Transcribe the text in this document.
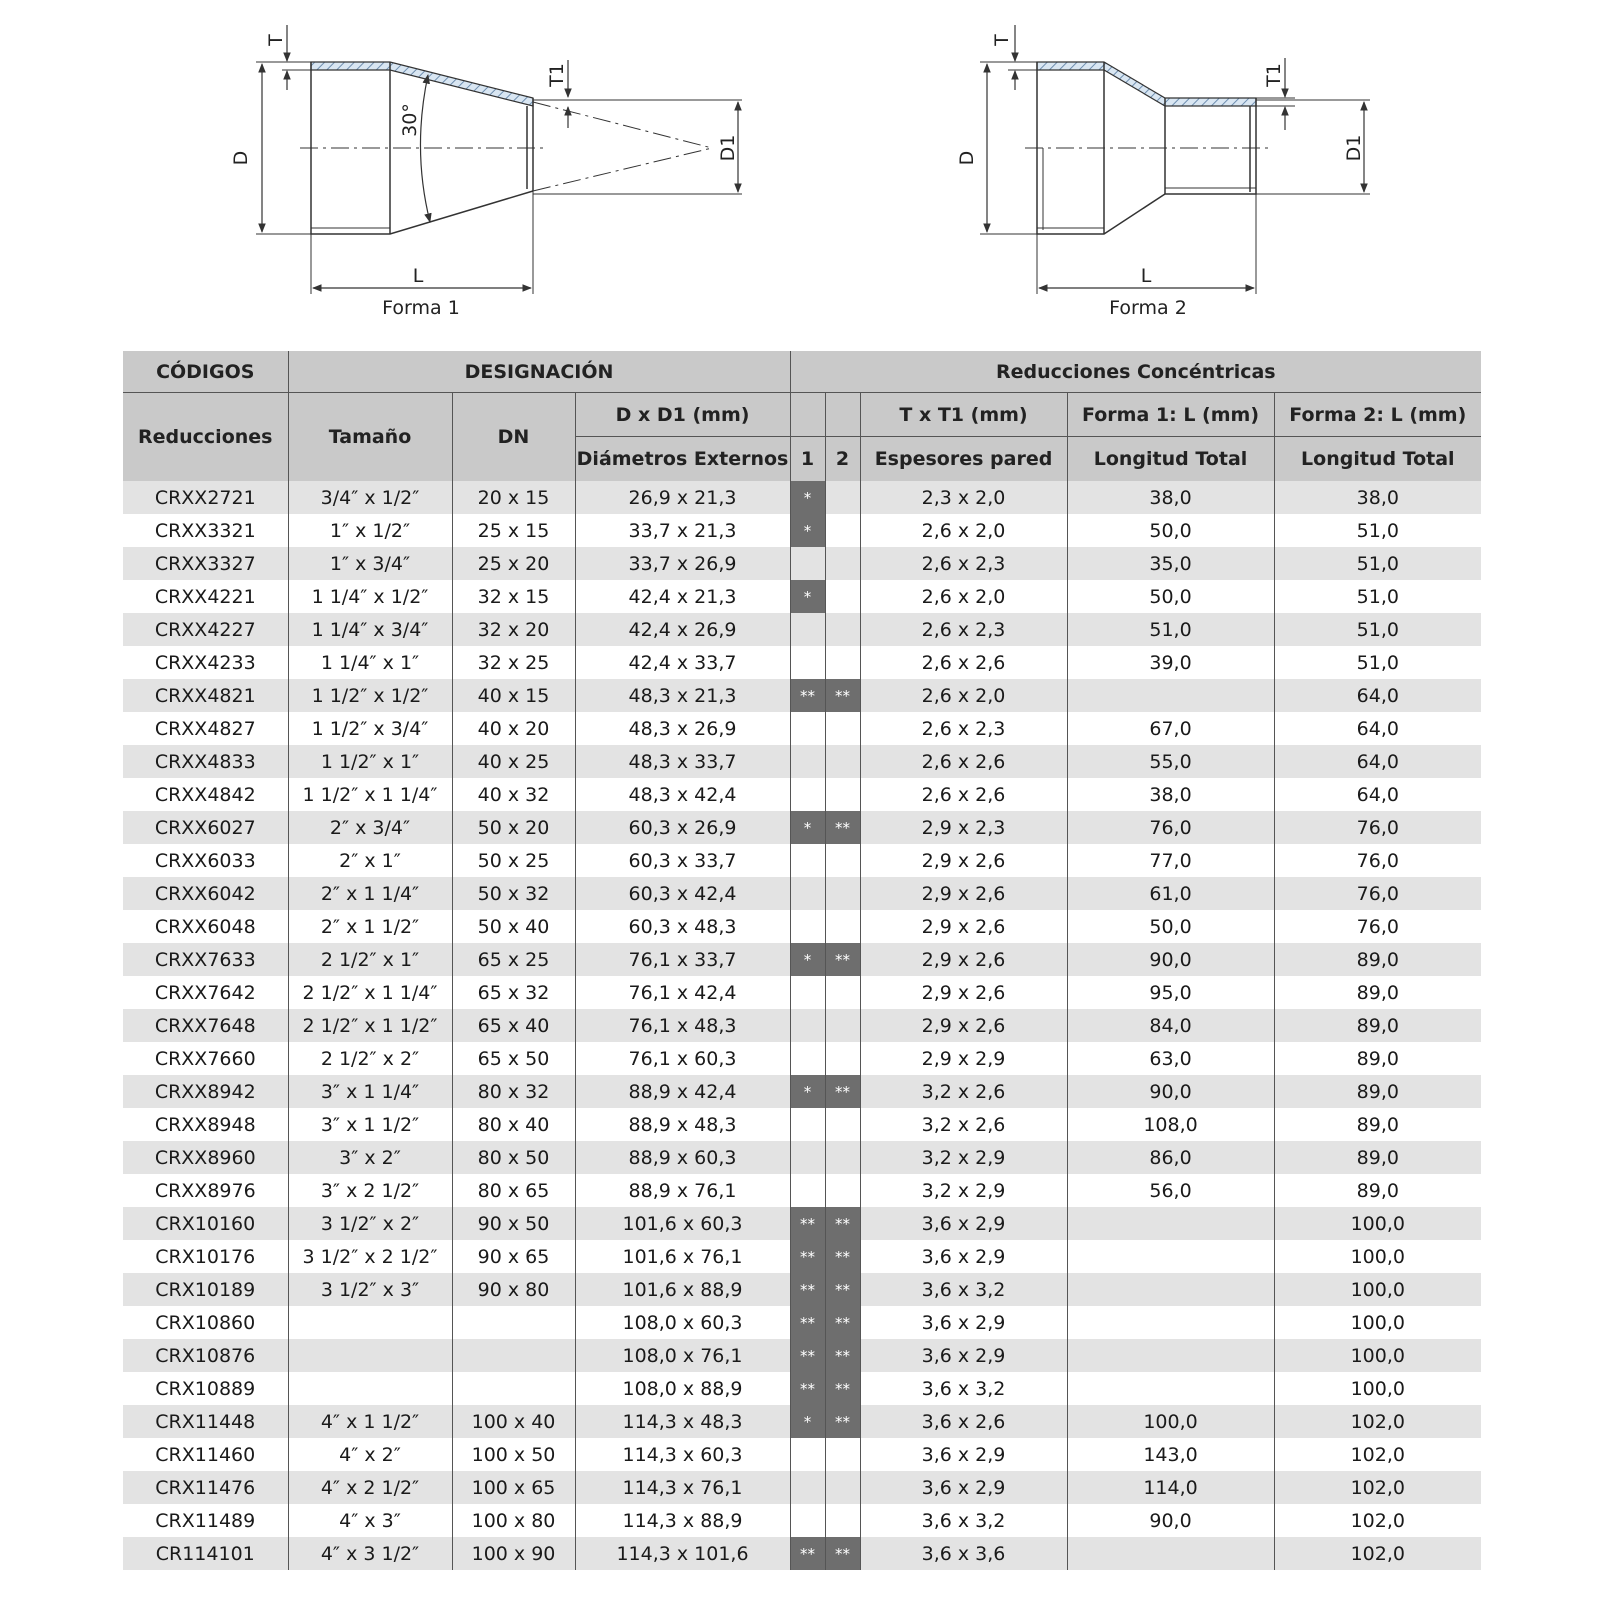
T
D
30°
T1
D1
L
Forma 1
T
D
T1
D1
L
Forma 2
CÓDIGOS	DESIGNACIÓN			Reducciones Concéntricas				
Reducciones	Tamaño	DN	D x D1 (mm)			T x T1 (mm)	Forma 1: L (mm)	Forma 2: L (mm)
			Diámetros Externos	1	2	Espesores pared	Longitud Total	Longitud Total
CRXX2721	3/4″ x 1/2″	20 x 15	26,9 x 21,3	*		2,3 x 2,0	38,0	38,0
CRXX3321	1″ x 1/2″	25 x 15	33,7 x 21,3	*		2,6 x 2,0	50,0	51,0
CRXX3327	1″ x 3/4″	25 x 20	33,7 x 26,9			2,6 x 2,3	35,0	51,0
CRXX4221	1 1/4″ x 1/2″	32 x 15	42,4 x 21,3	*		2,6 x 2,0	50,0	51,0
CRXX4227	1 1/4″ x 3/4″	32 x 20	42,4 x 26,9			2,6 x 2,3	51,0	51,0
CRXX4233	1 1/4″ x 1″	32 x 25	42,4 x 33,7			2,6 x 2,6	39,0	51,0
CRXX4821	1 1/2″ x 1/2″	40 x 15	48,3 x 21,3	**	**	2,6 x 2,0		64,0
CRXX4827	1 1/2″ x 3/4″	40 x 20	48,3 x 26,9			2,6 x 2,3	67,0	64,0
CRXX4833	1 1/2″ x 1″	40 x 25	48,3 x 33,7			2,6 x 2,6	55,0	64,0
CRXX4842	1 1/2″ x 1 1/4″	40 x 32	48,3 x 42,4			2,6 x 2,6	38,0	64,0
CRXX6027	2″ x 3/4″	50 x 20	60,3 x 26,9	*	**	2,9 x 2,3	76,0	76,0
CRXX6033	2″ x 1″	50 x 25	60,3 x 33,7			2,9 x 2,6	77,0	76,0
CRXX6042	2″ x 1 1/4″	50 x 32	60,3 x 42,4			2,9 x 2,6	61,0	76,0
CRXX6048	2″ x 1 1/2″	50 x 40	60,3 x 48,3			2,9 x 2,6	50,0	76,0
CRXX7633	2 1/2″ x 1″	65 x 25	76,1 x 33,7	*	**	2,9 x 2,6	90,0	89,0
CRXX7642	2 1/2″ x 1 1/4″	65 x 32	76,1 x 42,4			2,9 x 2,6	95,0	89,0
CRXX7648	2 1/2″ x 1 1/2″	65 x 40	76,1 x 48,3			2,9 x 2,6	84,0	89,0
CRXX7660	2 1/2″ x 2″	65 x 50	76,1 x 60,3			2,9 x 2,9	63,0	89,0
CRXX8942	3″ x 1 1/4″	80 x 32	88,9 x 42,4	*	**	3,2 x 2,6	90,0	89,0
CRXX8948	3″ x 1 1/2″	80 x 40	88,9 x 48,3			3,2 x 2,6	108,0	89,0
CRXX8960	3″ x 2″	80 x 50	88,9 x 60,3			3,2 x 2,9	86,0	89,0
CRXX8976	3″ x 2 1/2″	80 x 65	88,9 x 76,1			3,2 x 2,9	56,0	89,0
CRX10160	3 1/2″ x 2″	90 x 50	101,6 x 60,3	**	**	3,6 x 2,9		100,0
CRX10176	3 1/2″ x 2 1/2″	90 x 65	101,6 x 76,1	**	**	3,6 x 2,9		100,0
CRX10189	3 1/2″ x 3″	90 x 80	101,6 x 88,9	**	**	3,6 x 3,2		100,0
CRX10860			108,0 x 60,3	**	**	3,6 x 2,9		100,0
CRX10876			108,0 x 76,1	**	**	3,6 x 2,9		100,0
CRX10889			108,0 x 88,9	**	**	3,6 x 3,2		100,0
CRX11448	4″ x 1 1/2″	100 x 40	114,3 x 48,3	*	**	3,6 x 2,6	100,0	102,0
CRX11460	4″ x 2″	100 x 50	114,3 x 60,3			3,6 x 2,9	143,0	102,0
CRX11476	4″ x 2 1/2″	100 x 65	114,3 x 76,1			3,6 x 2,9	114,0	102,0
CRX11489	4″ x 3″	100 x 80	114,3 x 88,9			3,6 x 3,2	90,0	102,0
CR114101	4″ x 3 1/2″	100 x 90	114,3 x 101,6	**	**	3,6 x 3,6		102,0
